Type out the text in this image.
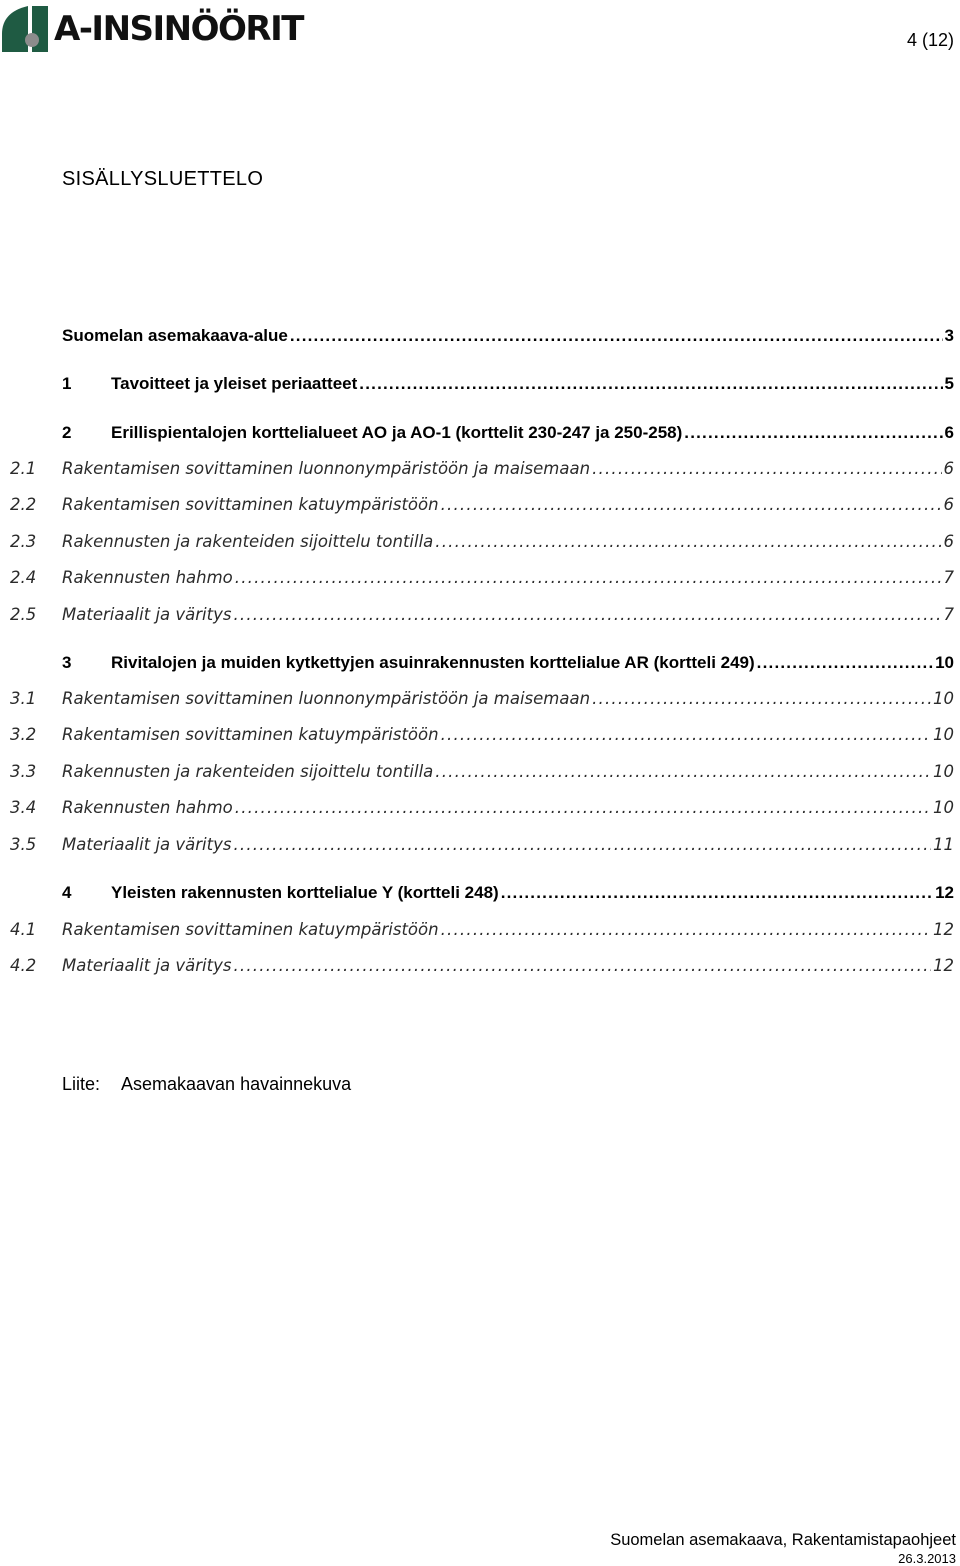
A-INSINÖÖRIT	4 (12)
SISÄLLYSLUETTELO
Suomelan asemakaava-alue .....	3
1 Tavoitteet ja yleiset periaatteet .....	5
2 Erillispientalojen korttelialueet AO ja AO-1 (korttelit 230-247 ja 250-258) .....	6
2.1 Rakentamisen sovittaminen luonnonympäristöön ja maisemaan .....	6
2.2 Rakentamisen sovittaminen katuympäristöön .....	6
2.3 Rakennusten ja rakenteiden sijoittelu tontilla .....	6
2.4 Rakennusten hahmo .....	7
2.5 Materiaalit ja väritys .....	7
3 Rivitalojen ja muiden kytkettyjen asuinrakennusten korttelialue AR (kortteli 249) .....	10
3.1 Rakentamisen sovittaminen luonnonympäristöön ja maisemaan .....	10
3.2 Rakentamisen sovittaminen katuympäristöön .....	10
3.3 Rakennusten ja rakenteiden sijoittelu tontilla .....	10
3.4 Rakennusten hahmo .....	10
3.5 Materiaalit ja väritys .....	11
4 Yleisten rakennusten korttelialue Y (kortteli 248) .....	12
4.1 Rakentamisen sovittaminen katuympäristöön .....	12
4.2 Materiaalit ja väritys .....	12
Liite:	Asemakaavan havainnekuva
Suomelan asemakaava, Rakentamistapaohjeet
26.3.2013
